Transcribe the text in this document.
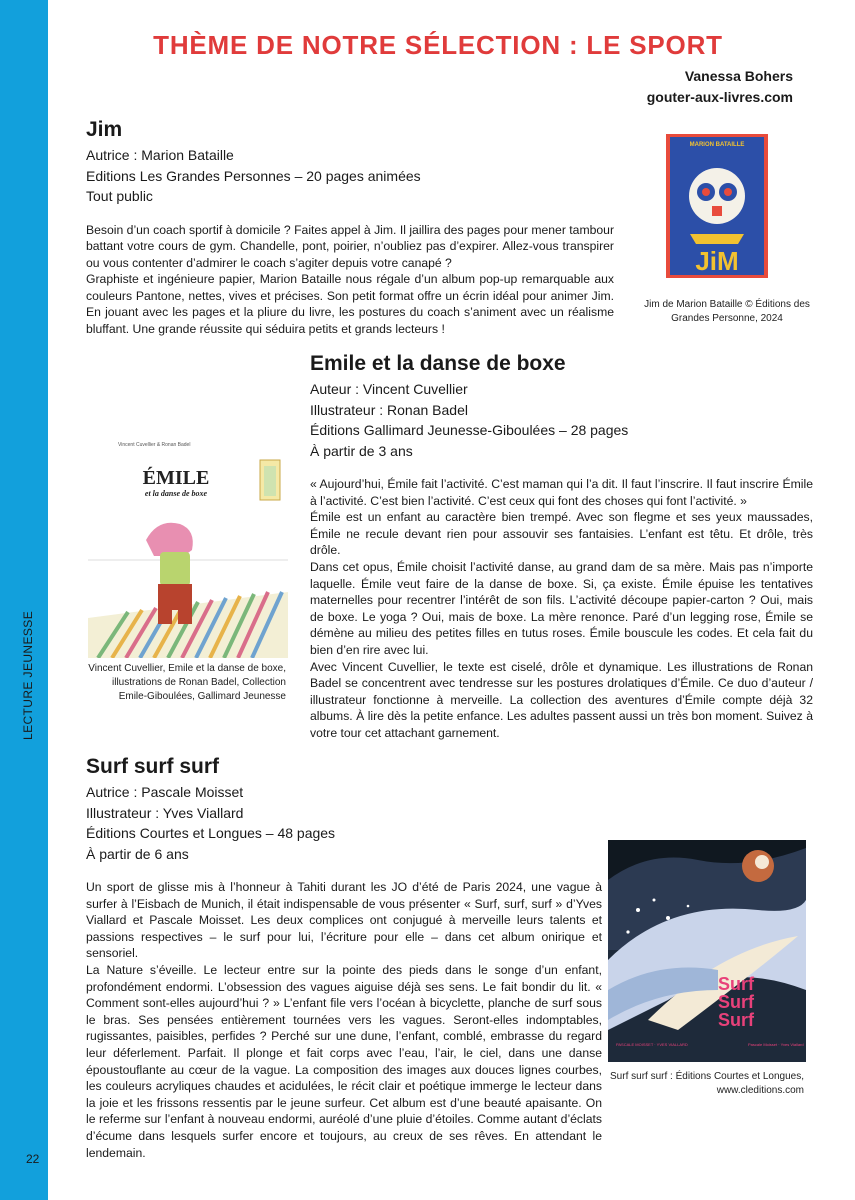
LECTURE JEUNESSE
22
THÈME DE NOTRE SÉLECTION : LE SPORT
Vanessa Bohers
gouter-aux-livres.com
Jim
Autrice : Marion Bataille
Editions Les Grandes Personnes – 20 pages animées
Tout public

Besoin d’un coach sportif à domicile ? Faites appel à Jim. Il jaillira des pages pour mener tambour battant votre cours de gym. Chandelle, pont, poirier, n’oubliez pas d’expirer. Allez-vous transpirer ou vous contenter d’admirer le coach s’agiter depuis votre canapé ?

Graphiste et ingénieure papier, Marion Bataille nous régale d’un album pop-up remarquable aux couleurs Pantone, nettes, vives et précises. Son petit format offre un écrin idéal pour animer Jim. En jouant avec les pages et la pliure du livre, les postures du coach s’animent avec un réalisme bluffant. Une grande réussite qui séduira petits et grands lecteurs !

MARION BATAILLE
JiM
Jim de Marion Bataille © Éditions des Grandes Personne, 2024
Emile et la danse de boxe
Auteur : Vincent Cuvellier
Illustrateur : Ronan Badel
Éditions Gallimard Jeunesse-Giboulées – 28 pages
À partir de 3 ans

« Aujourd’hui, Émile fait l’activité. C’est maman qui l’a dit. Il faut l’inscrire. Il faut inscrire Émile à l’activité. C’est bien l’activité. C’est ceux qui font des choses qui font l’activité. »

Émile est un enfant au caractère bien trempé. Avec son flegme et ses yeux maussades, Émile ne recule devant rien pour assouvir ses fantaisies. L’enfant est têtu. Et drôle, très drôle.

Dans cet opus, Émile choisit l’activité danse, au grand dam de sa mère. Mais pas n’importe laquelle. Émile veut faire de la danse de boxe. Si, ça existe. Émile épuise les tentatives maternelles pour recentrer l’intérêt de son fils. L’activité découpe papier-carton ? Oui, mais de boxe. Le yoga ? Oui, mais de boxe. La mère renonce. Paré d’un legging rose, Émile se démène au milieu des petites filles en tutus roses. Émile bouscule les codes. Et cela fait du bien d’en rire avec lui.

Avec Vincent Cuvellier, le texte est ciselé, drôle et dynamique. Les illustrations de Ronan Badel se concentrent avec tendresse sur les postures drolatiques d’Émile. Ce duo d’auteur / illustrateur fonctionne à merveille. La collection des aventures d’Émile compte déjà 32 albums. À lire dès la petite enfance. Les adultes passent aussi un très bon moment. Suivez à votre tour cet attachant garnement.

Vincent Cuvellier & Ronan Badel
ÉMILE
et la danse de boxe
Vincent Cuvellier, Emile et la danse de boxe, illustrations de Ronan Badel, Collection Emile-Giboulées, Gallimard Jeunesse
Surf surf surf
Autrice : Pascale Moisset
Illustrateur : Yves Viallard
Éditions Courtes et Longues – 48 pages
À partir de 6 ans

Un sport de glisse mis à l’honneur à Tahiti durant les JO d’été de Paris 2024, une vague à surfer à l’Eisbach de Munich, il était indispensable de vous présenter « Surf, surf, surf » d’Yves Viallard et Pascale Moisset. Les deux complices ont conjugué à merveille leurs talents et passions respectives – le surf pour lui, l’écriture pour elle – dans cet album onirique et sensoriel.

La Nature s’éveille. Le lecteur entre sur la pointe des pieds dans le songe d’un enfant, profondément endormi. L’obsession des vagues aiguise déjà ses sens. Le fait bondir du lit. « Comment sont-elles aujourd’hui ? » L’enfant file vers l’océan à bicyclette, planche de surf sous le bras. Ses pensées entièrement tournées vers les vagues. Seront-elles indomptables, rugissantes, paisibles, perfides ? Perché sur une dune, l’enfant, comblé, embrasse du regard leur déferlement. Parfait. Il plonge et fait corps avec l’eau, l’air, le ciel, dans une danse époustouflante au cœur de la vague. La composition des images aux douces lignes courbes, les couleurs acryliques chaudes et acidulées, le récit clair et poétique immerge le lecteur dans la joie et les frissons ressentis par le jeune surfeur. Cet album est d’une beauté apaisante. On le referme sur l’enfant à nouveau endormi, auréolé d’une pluie d’étoiles. Comme autant d’éclats d’écume dans lesquels surfer encore et toujours, au creux de ses rêves. En attendant le lendemain.

Surf
Surf
Surf
PASCALE MOISSET · YVES VIALLARD	Pascale Moisset · Yves Viallard
Surf surf surf : Éditions Courtes et Longues,
www.cleditions.com
